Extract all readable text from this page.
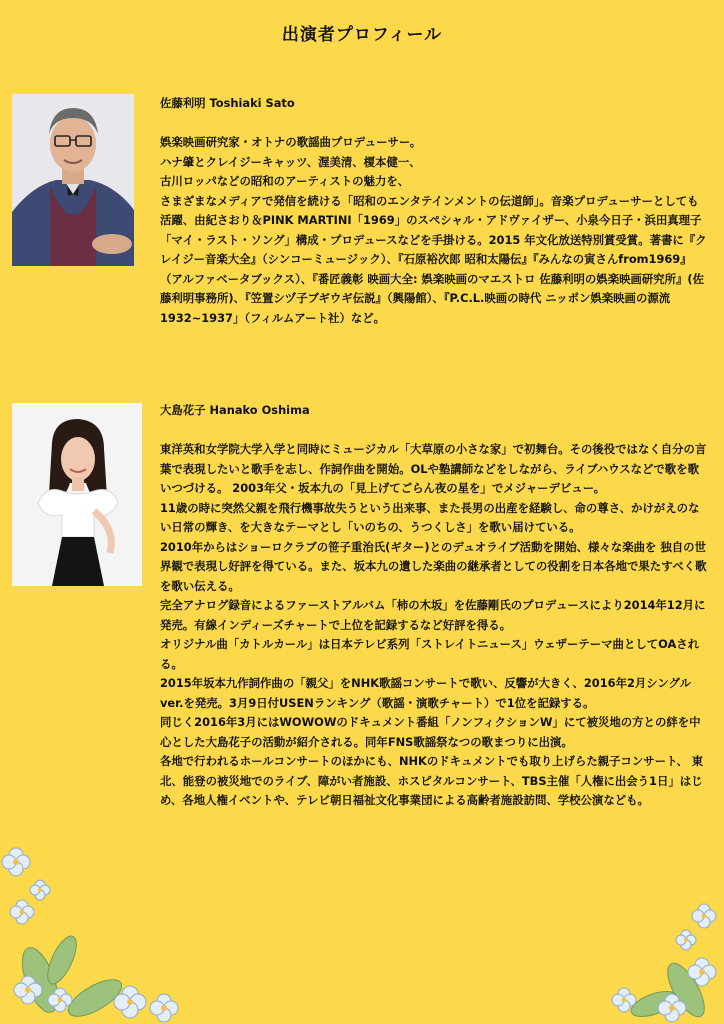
出演者プロフィール
佐藤利明 Toshiaki Sato
娯楽映画研究家・オトナの歌謡曲プロデューサー。
ハナ肇とクレイジーキャッツ、渥美清、榎本健一、
古川ロッパなどの昭和のアーティストの魅力を、
さまざまなメディアで発信を続ける「昭和のエンタテインメントの伝道師」。音楽プロデューサーとしても活躍、由紀さおり＆PINK MARTINI「1969」のスペシャル・アドヴァイザー、小泉今日子・浜田真理子「マイ・ラスト・ソング」構成・プロデュースなどを手掛ける。2015 年文化放送特別賞受賞。著書に『クレイジー音楽大全』（シンコーミュージック）、『石原裕次郎 昭和太陽伝』『みんなの寅さんfrom1969』（アルファベータブックス）、『番匠義彰 映画大全: 娯楽映画のマエストロ 佐藤利明の娯楽映画研究所』(佐藤利明事務所)、『笠置シヅ子ブギウギ伝説』（興陽館）、『P.C.L.映画の時代 ニッポン娯楽映画の源流1932~1937」（フィルムアート社）など。
大島花子 Hanako Oshima
東洋英和女学院大学入学と同時にミュージカル「大草原の小さな家」で初舞台。その後役ではなく自分の言葉で表現したいと歌手を志し、作詞作曲を開始。OLや塾講師などをしながら、ライブハウスなどで歌を歌いつづける。 2003年父・坂本九の「見上げてごらん夜の星を」でメジャーデビュー。
11歳の時に突然父親を飛行機事故失うという出来事、また長男の出産を経験し、命の尊さ、かけがえのない日常の輝き、を大きなテーマとし「いのちの、うつくしさ」を歌い届けている。
2010年からはショーロクラブの笹子重治氏(ギター)とのデュオライブ活動を開始、様々な楽曲を 独自の世界観で表現し好評を得ている。また、坂本九の遺した楽曲の継承者としての役割を日本各地で果たすべく歌を歌い伝える。
完全アナログ録音によるファーストアルバム「柿の木坂」を佐藤剛氏のプロデュースにより2014年12月に発売。有線インディーズチャートで上位を記録するなど好評を得る。
オリジナル曲「カトルカール」は日本テレビ系列「ストレイトニュース」ウェザーテーマ曲としてOAされる。
2015年坂本九作詞作曲の「親父」をNHK歌謡コンサートで歌い、反響が大きく、2016年2月シングルver.を発売。3月9日付USENランキング（歌謡・演歌チャート）で1位を記録する。
同じく2016年3月にはWOWOWのドキュメント番組「ノンフィクションW」にて被災地の方との絆を中心とした大島花子の活動が紹介される。同年FNS歌謡祭なつの歌まつりに出演。
各地で行われるホールコンサートのほかにも、NHKのドキュメントでも取り上げらた親子コンサート、 東北、能登の被災地でのライブ、障がい者施設、ホスピタルコンサート、TBS主催「人権に出会う1日」はじめ、各地人権イベントや、テレビ朝日福祉文化事業団による高齢者施設訪問、学校公演なども。
